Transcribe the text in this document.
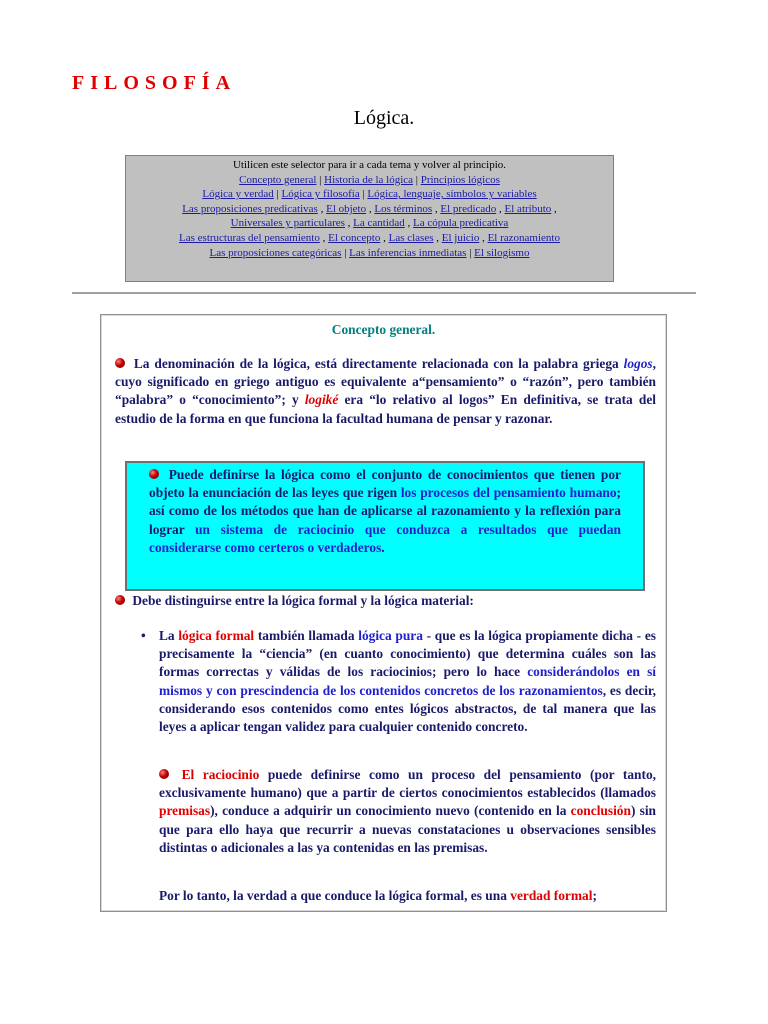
FILOSOFÍA
Lógica.
Utilicen este selector para ir a cada tema y volver al principio.
Concepto general | Historia de la lógica | Principios lógicos
Lógica y verdad | Lógica y filosofía | Lógica, lenguaje, símbolos y variables
Las proposiciones predicativas , El objeto , Los términos , El predicado , El atributo ,
Universales y particulares , La cantidad , La cópula predicativa
Las estructuras del pensamiento , El concepto , Las clases , El juicio , El razonamiento
Las proposiciones categóricas | Las inferencias inmediatas | El silogismo
Concepto general.
La denominación de la lógica, está directamente relacionada con la palabra griega logos, cuyo significado en griego antiguo es equivalente a“pensamiento” o “razón”, pero también “palabra” o “conocimiento”; y logiké era “lo relativo al logos” En definitiva, se trata del estudio de la forma en que funciona la facultad humana de pensar y razonar.
Puede definirse la lógica como el conjunto de conocimientos que tienen por objeto la enunciación de las leyes que rigen los procesos del pensamiento humano; así como de los métodos que han de aplicarse al razonamiento y la reflexión para lograr un sistema de raciocinio que conduzca a resultados que puedan considerarse como certeros o verdaderos.
Debe distinguirse entre la lógica formal y la lógica material:
• La lógica formal también llamada lógica pura - que es la lógica propiamente dicha - es precisamente la “ciencia” (en cuanto conocimiento) que determina cuáles son las formas correctas y válidas de los raciocinios; pero lo hace considerándolos en sí mismos y con prescindencia de los contenidos concretos de los razonamientos, es decir, considerando esos contenidos como entes lógicos abstractos, de tal manera que las leyes a aplicar tengan validez para cualquier contenido concreto.
El raciocinio puede definirse como un proceso del pensamiento (por tanto, exclusivamente humano) que a partir de ciertos conocimientos establecidos (llamados premisas), conduce a adquirir un conocimiento nuevo (contenido en la conclusión) sin que para ello haya que recurrir a nuevas constataciones u observaciones sensibles distintas o adicionales a las ya contenidas en las premisas.
Por lo tanto, la verdad a que conduce la lógica formal, es una verdad formal;
